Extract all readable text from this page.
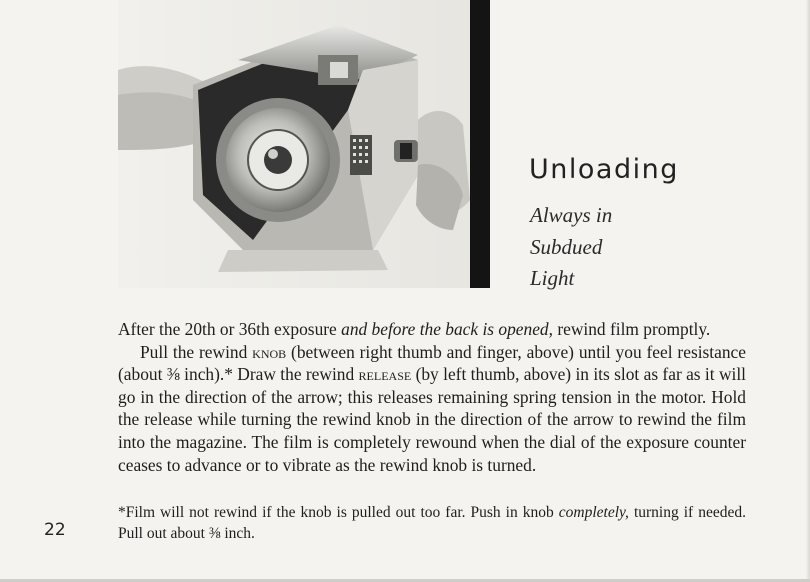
Unloading
Always in
Subdued
Light

After the 20th or 36th exposure and before the back is opened, rewind film promptly.

Pull the rewind knob (between right thumb and finger, above) until you feel resistance (about ⅜ inch).* Draw the rewind release (by left thumb, above) in its slot as far as it will go in the direction of the arrow; this releases remaining spring tension in the motor. Hold the release while turning the rewind knob in the direction of the arrow to rewind the film into the magazine. The film is completely rewound when the dial of the exposure counter ceases to advance or to vibrate as the rewind knob is turned.

*Film will not rewind if the knob is pulled out too far. Push in knob completely, turning if needed. Pull out about ⅜ inch.
22
